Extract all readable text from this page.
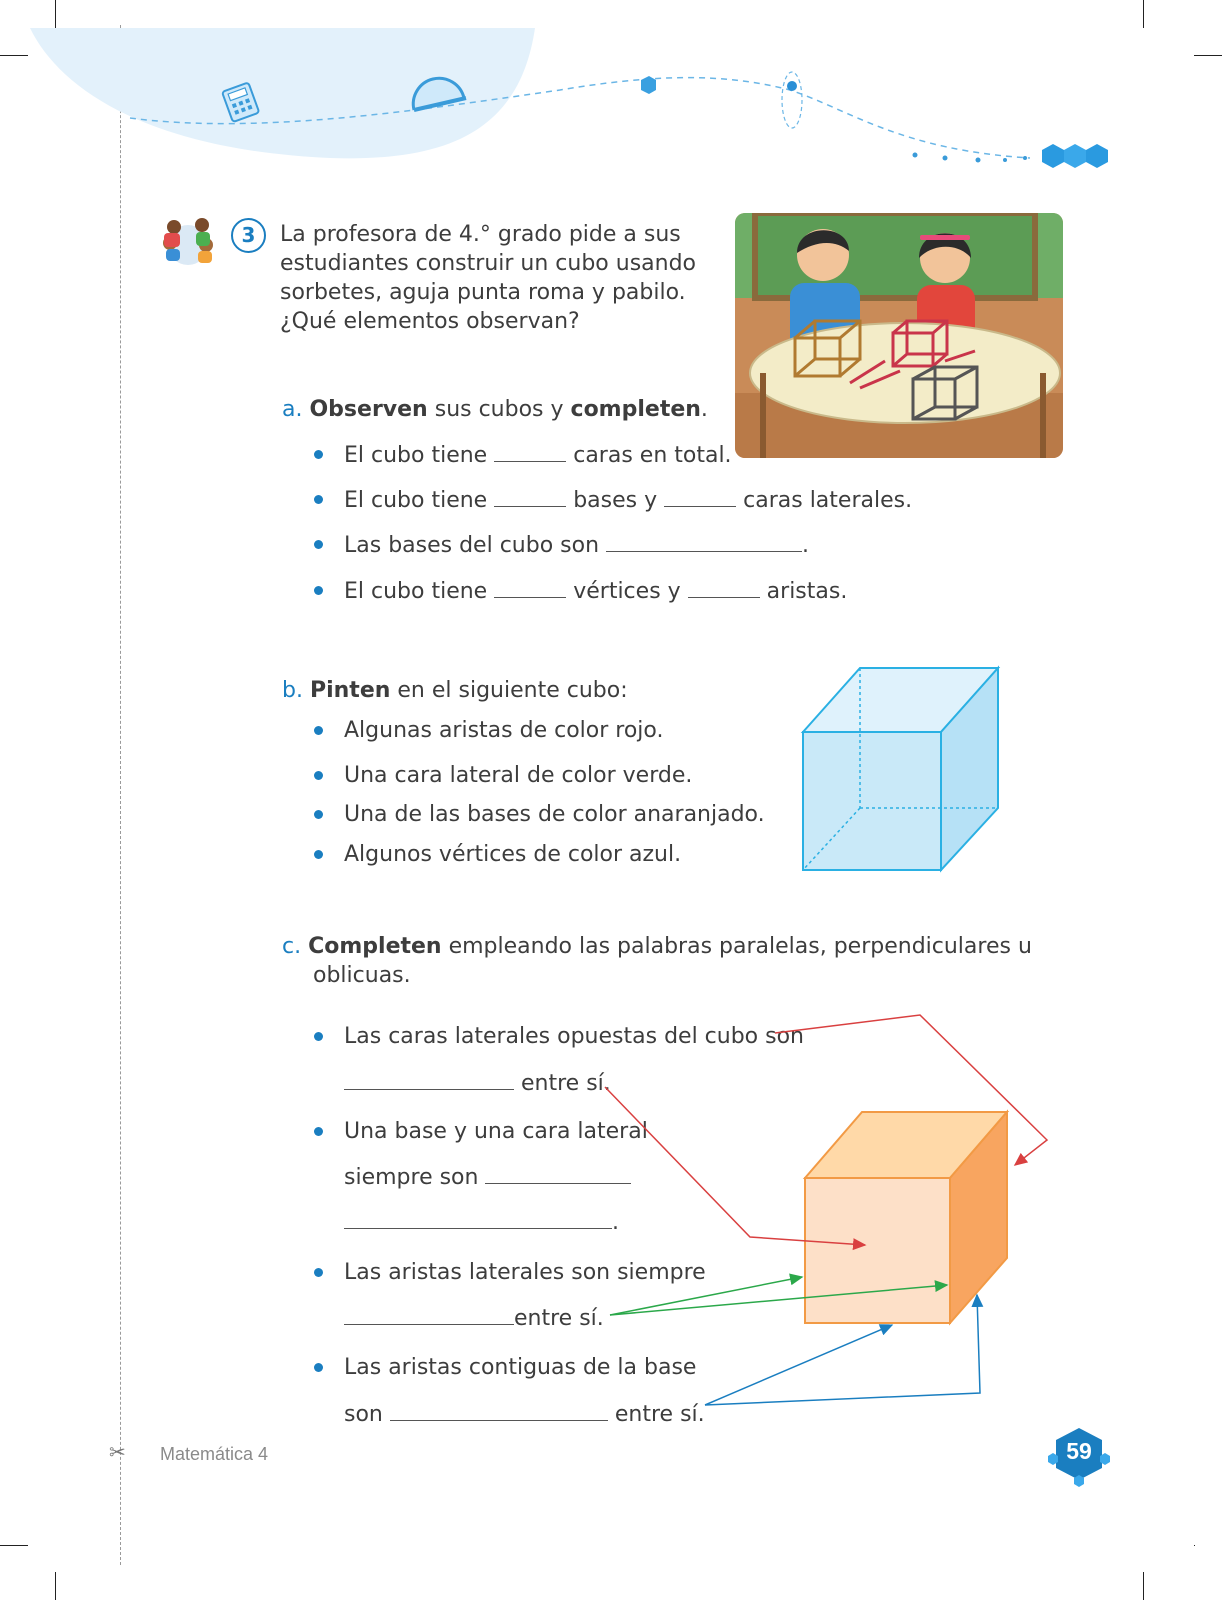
3	La profesora de 4.° grado pide a sus
estudiantes construir un cubo usando
sorbetes, aguja punta roma y pabilo.
¿Qué elementos observan?
a. Observen sus cubos y completen.
El cubo tiene	caras en total.
El cubo tiene	bases y	caras laterales.
Las bases del cubo son	.
El cubo tiene	vértices y	aristas.
b. Pinten en el siguiente cubo:
Algunas aristas de color rojo.
Una cara lateral de color verde.
Una de las bases de color anaranjado.
Algunos vértices de color azul.
c. Completen empleando las palabras paralelas, perpendiculares u
oblicuas.
Las caras laterales opuestas del cubo son
entre sí.
Una base y una cara lateral
siempre son
.
Las aristas laterales son siempre
entre sí.
Las aristas contiguas de la base
son	entre sí.
✂ Matemática 4	59
